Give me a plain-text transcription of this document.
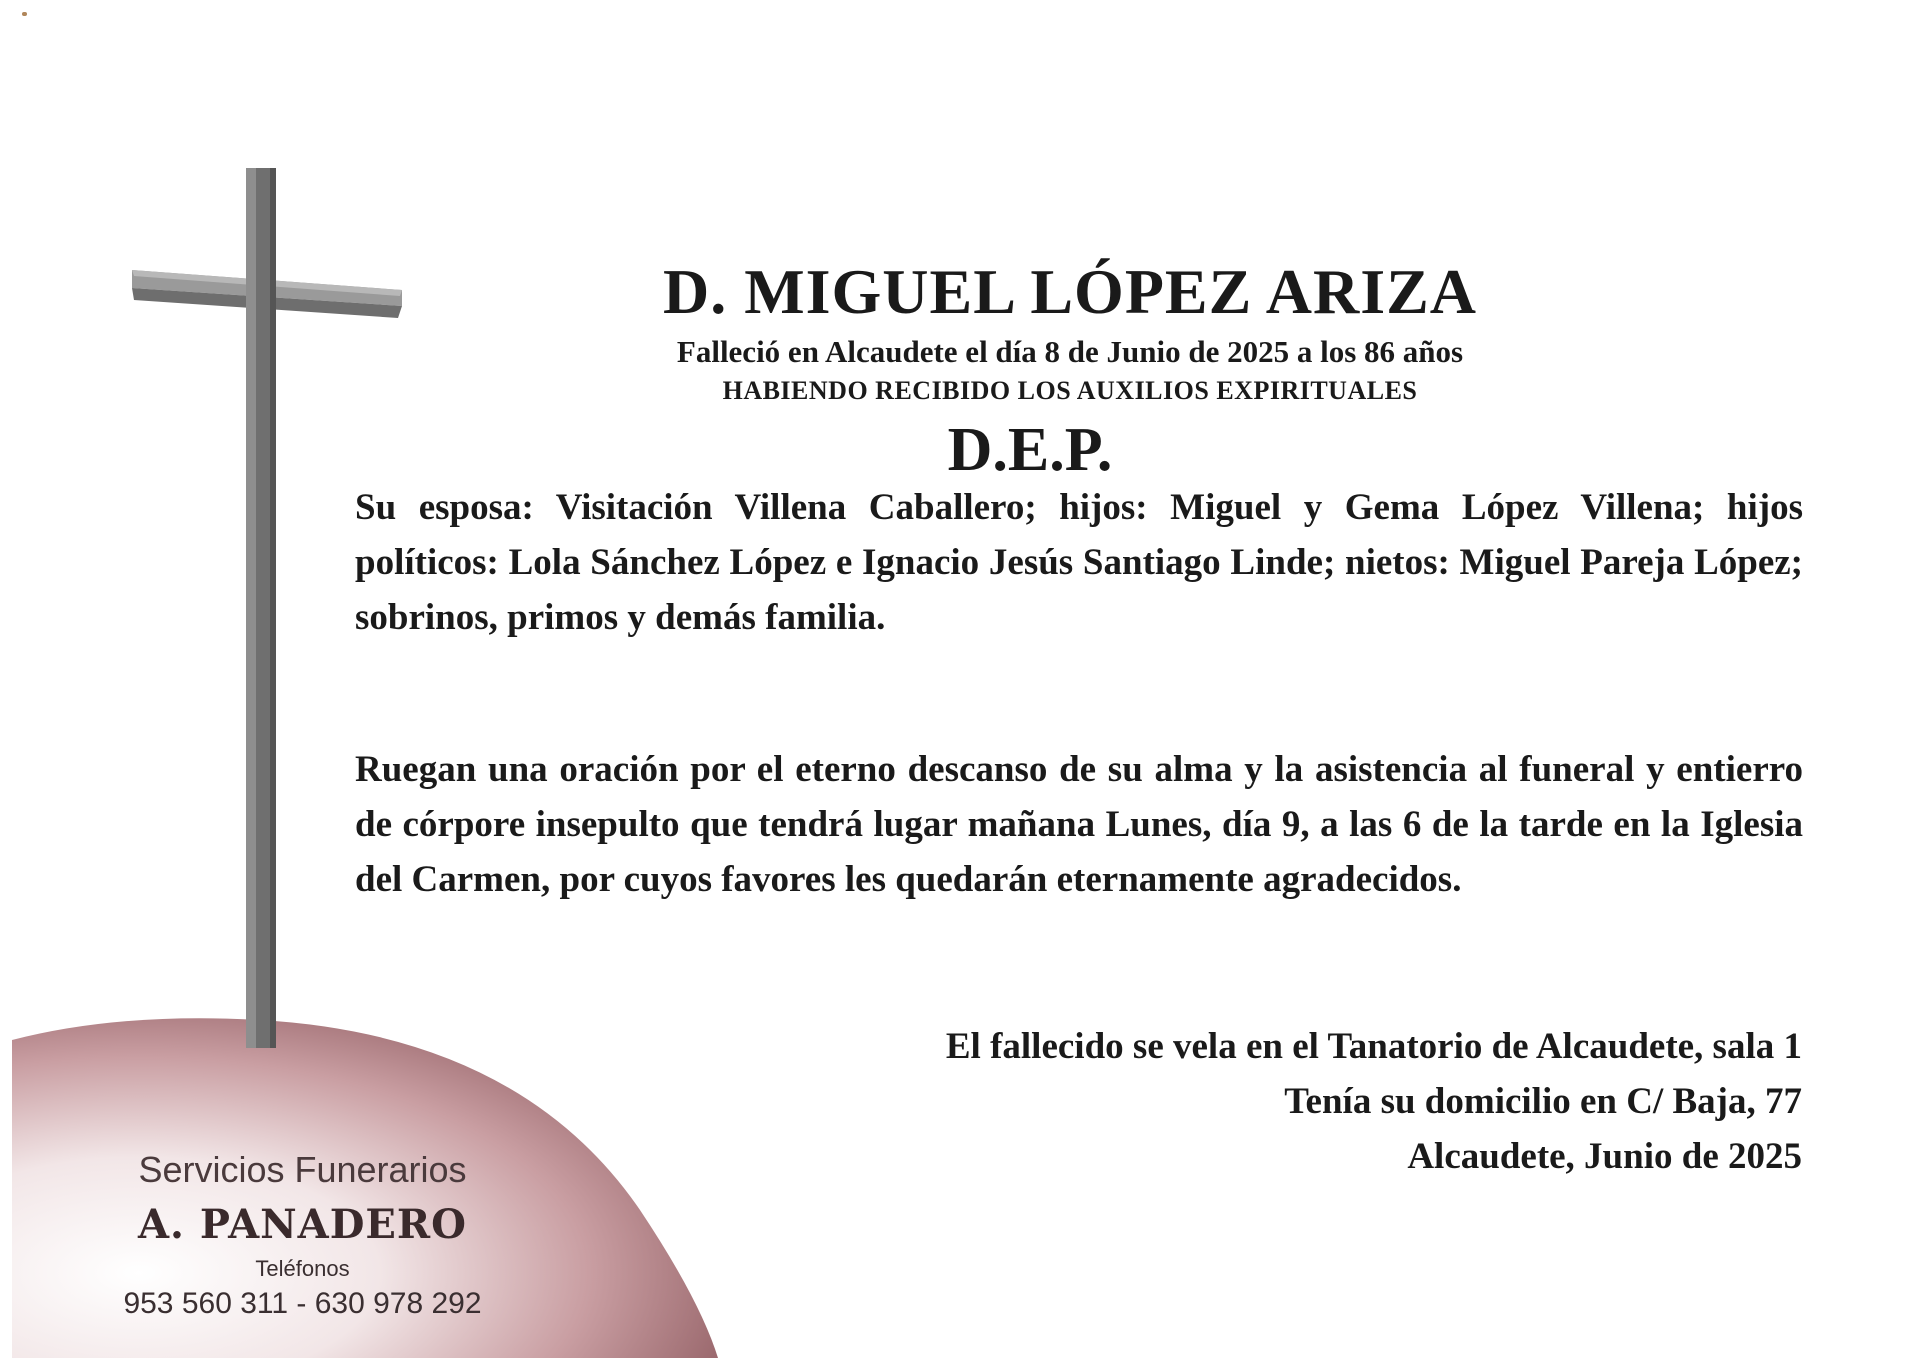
D. MIGUEL LÓPEZ ARIZA
Falleció en Alcaudete el día 8 de Junio de 2025 a los 86 años
HABIENDO RECIBIDO LOS AUXILIOS EXPIRITUALES
D.E.P.
Su esposa: Visitación Villena Caballero; hijos: Miguel y Gema López Villena; hijos políticos: Lola Sánchez López e Ignacio Jesús Santiago Linde; nietos: Miguel Pareja López; sobrinos, primos y demás familia.
Ruegan una oración por el eterno descanso de su alma y la asistencia al funeral y entierro de córpore insepulto que tendrá lugar mañana Lunes, día 9, a las 6 de la tarde en la Iglesia del Carmen, por cuyos favores les quedarán eternamente agradecidos.
El fallecido se vela en el Tanatorio de Alcaudete, sala 1
Tenía su domicilio en C/ Baja, 77
Alcaudete, Junio de 2025
Servicios Funerarios
A. PANADERO
Teléfonos
953 560 311 - 630 978 292
